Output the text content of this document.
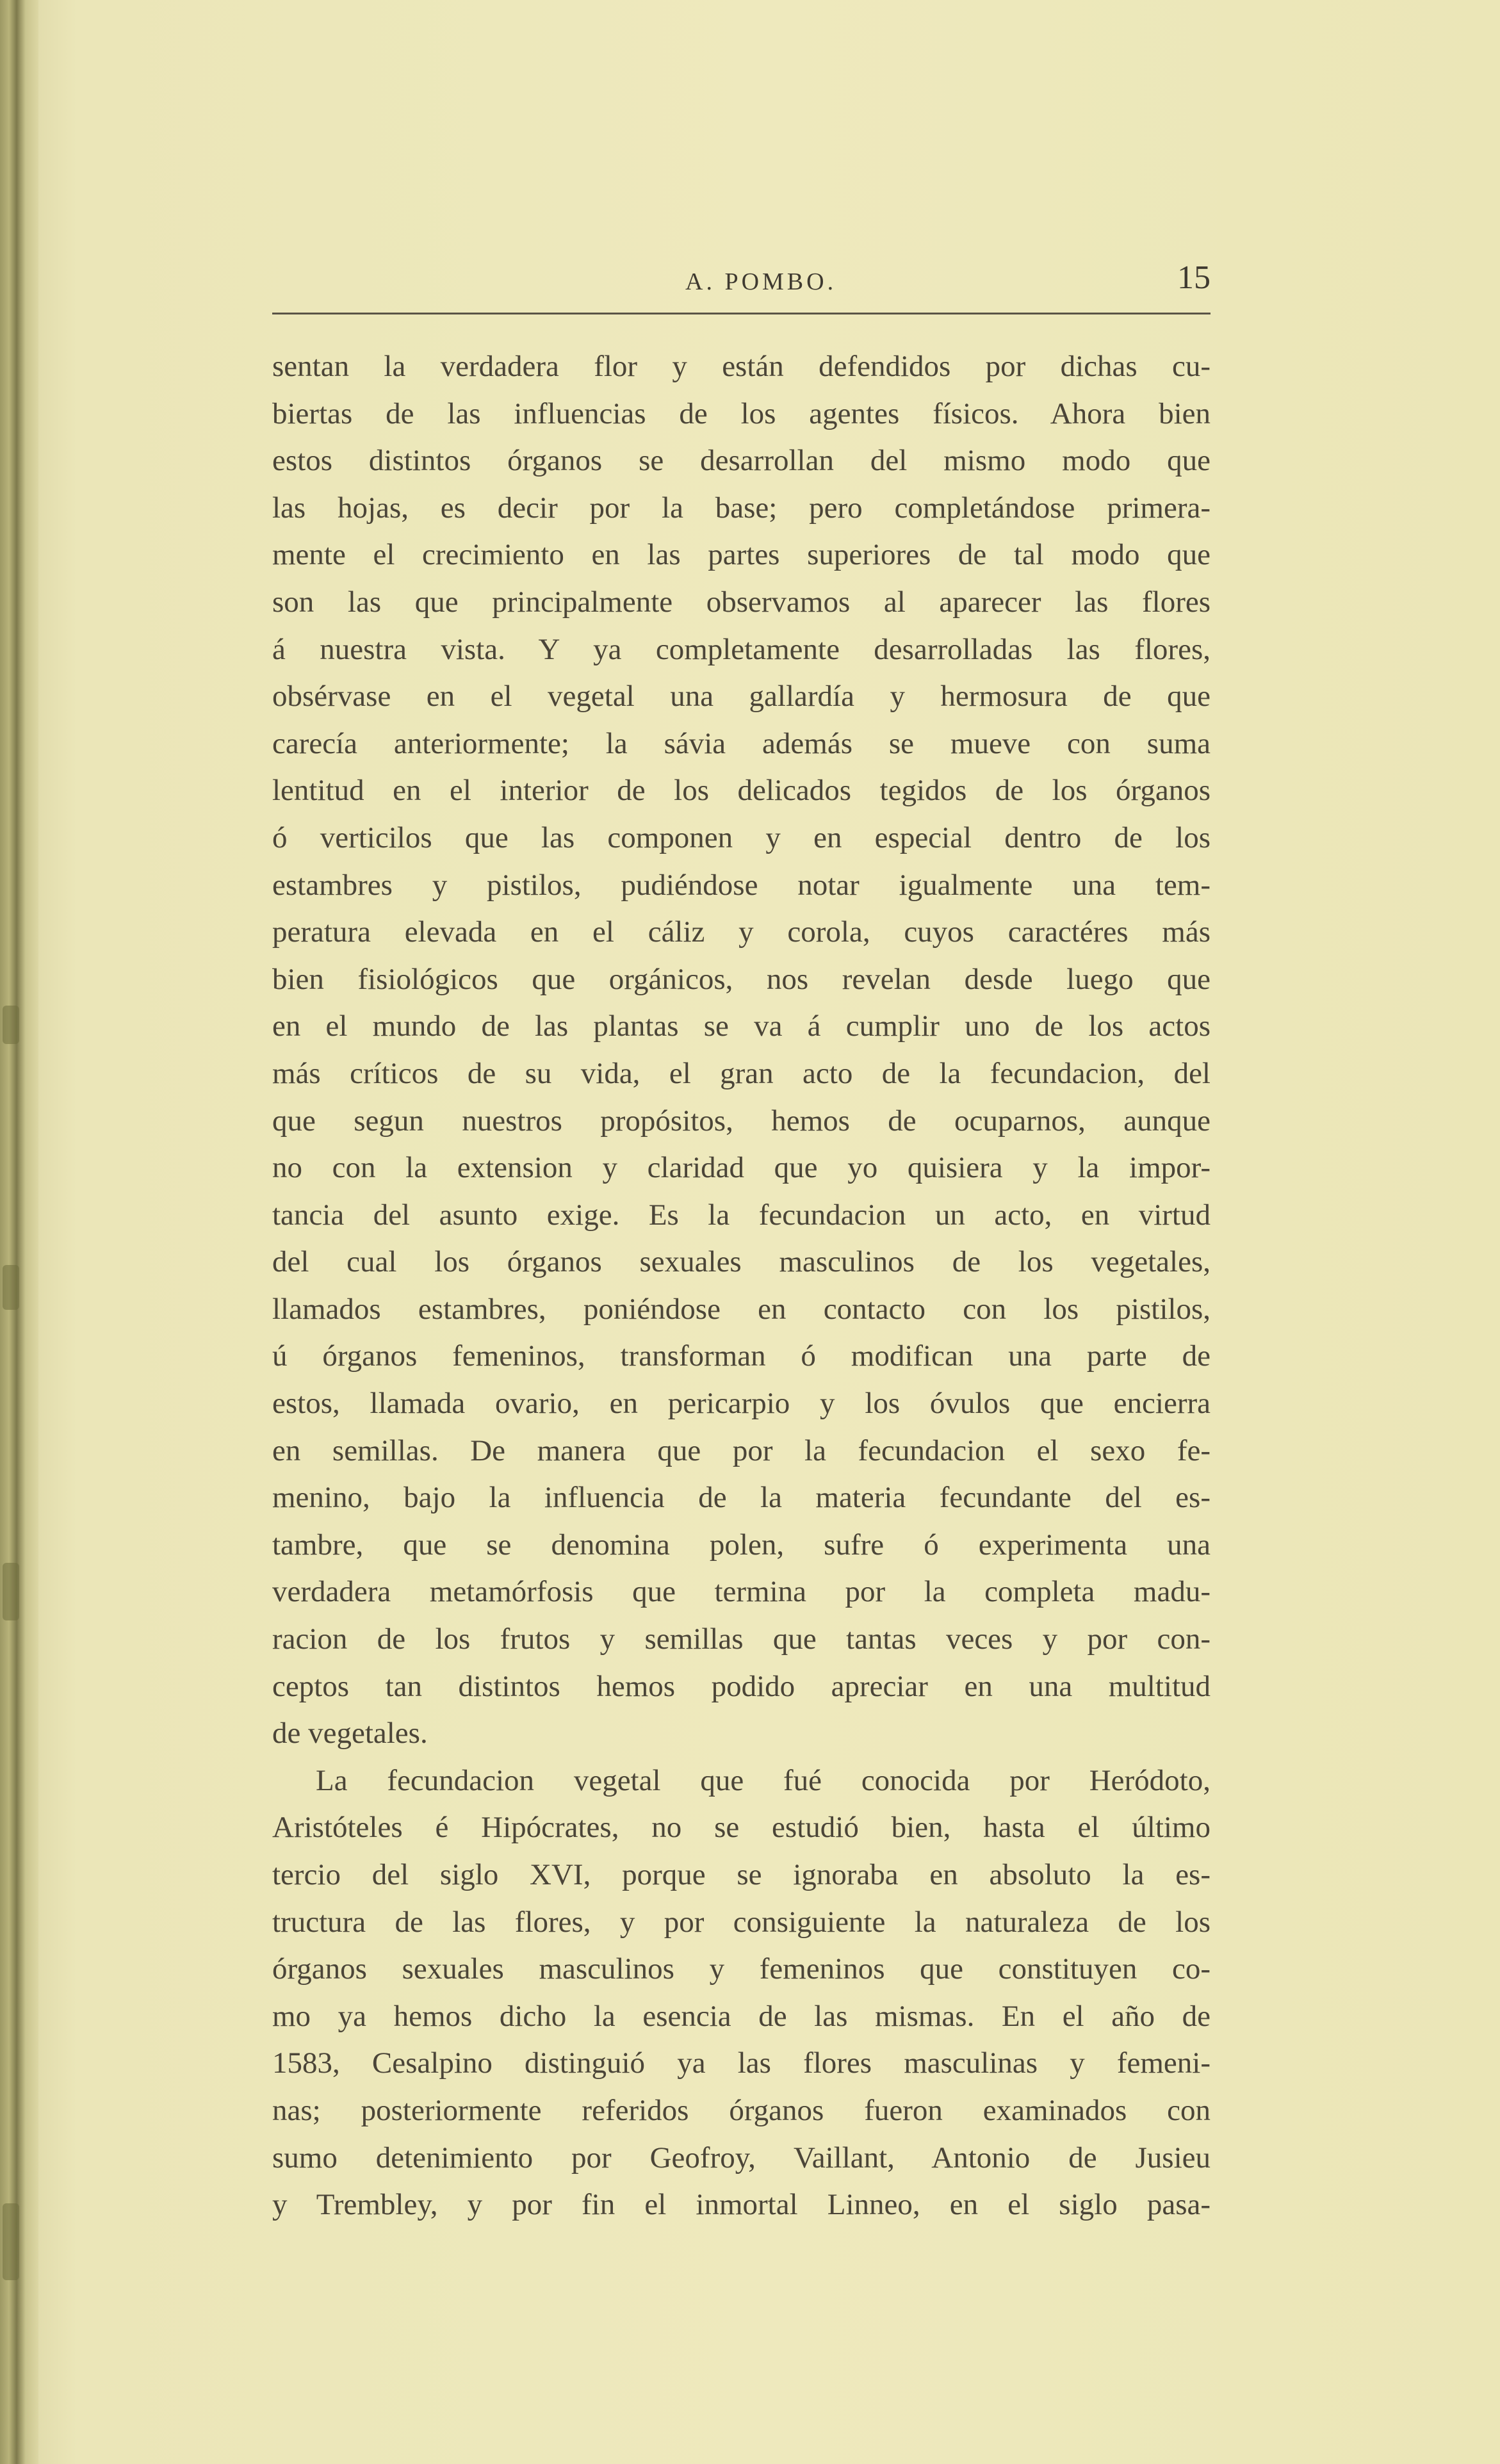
A. POMBO.	15
sentan la verdadera flor y están defendidos por dichas cu-
biertas de las influencias de los agentes físicos. Ahora bien
estos distintos órganos se desarrollan del mismo modo que
las hojas, es decir por la base; pero completándose primera-
mente el crecimiento en las partes superiores de tal modo que
son las que principalmente observamos al aparecer las flores
á nuestra vista. Y ya completamente desarrolladas las flores,
obsérvase en el vegetal una gallardía y hermosura de que
carecía anteriormente; la sávia además se mueve con suma
lentitud en el interior de los delicados tegidos de los órganos
ó verticilos que las componen y en especial dentro de los
estambres y pistilos, pudiéndose notar igualmente una tem-
peratura elevada en el cáliz y corola, cuyos caractéres más
bien fisiológicos que orgánicos, nos revelan desde luego que
en el mundo de las plantas se va á cumplir uno de los actos
más críticos de su vida, el gran acto de la fecundacion, del
que segun nuestros propósitos, hemos de ocuparnos, aunque
no con la extension y claridad que yo quisiera y la impor-
tancia del asunto exige. Es la fecundacion un acto, en virtud
del cual los órganos sexuales masculinos de los vegetales,
llamados estambres, poniéndose en contacto con los pistilos,
ú órganos femeninos, transforman ó modifican una parte de
estos, llamada ovario, en pericarpio y los óvulos que encierra
en semillas. De manera que por la fecundacion el sexo fe-
menino, bajo la influencia de la materia fecundante del es-
tambre, que se denomina polen, sufre ó experimenta una
verdadera metamórfosis que termina por la completa madu-
racion de los frutos y semillas que tantas veces y por con-
ceptos tan distintos hemos podido apreciar en una multitud
de vegetales.
La fecundacion vegetal que fué conocida por Heródoto,
Aristóteles é Hipócrates, no se estudió bien, hasta el último
tercio del siglo XVI, porque se ignoraba en absoluto la es-
tructura de las flores, y por consiguiente la naturaleza de los
órganos sexuales masculinos y femeninos que constituyen co-
mo ya hemos dicho la esencia de las mismas. En el año de
1583, Cesalpino distinguió ya las flores masculinas y femeni-
nas; posteriormente referidos órganos fueron examinados con
sumo detenimiento por Geofroy, Vaillant, Antonio de Jusieu
y Trembley, y por fin el inmortal Linneo, en el siglo pasa-
